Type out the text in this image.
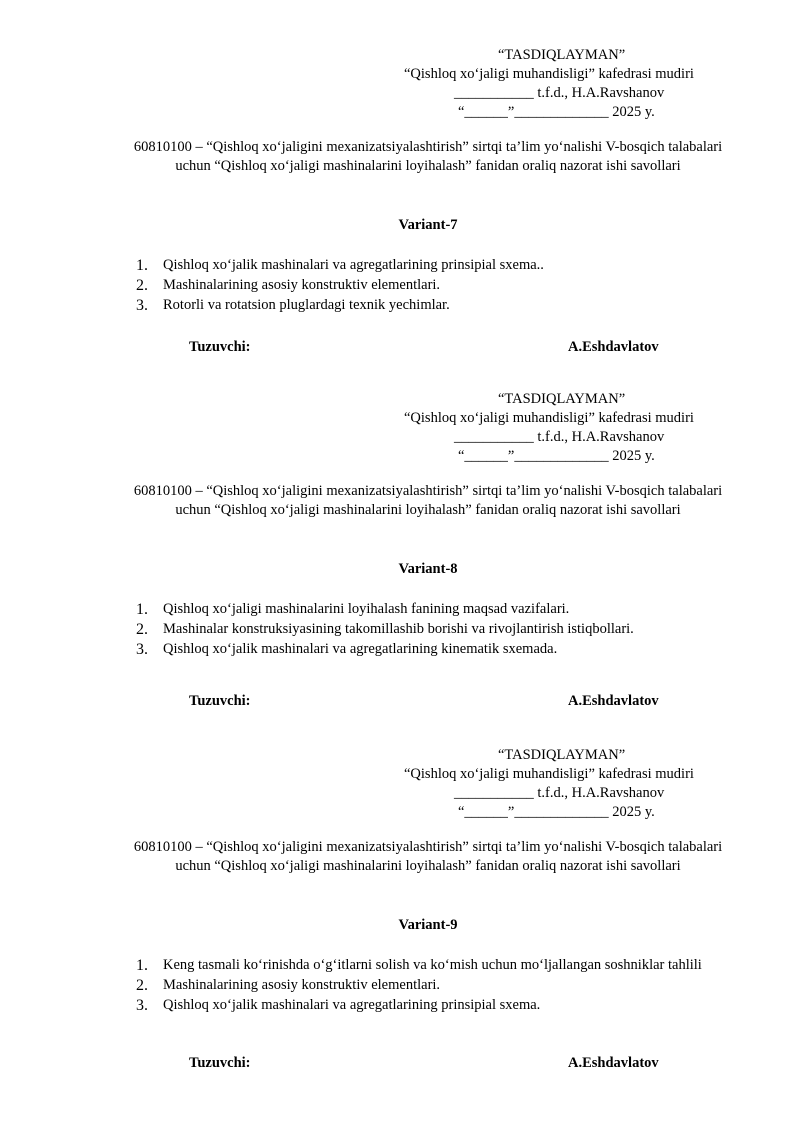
“TASDIQLAYMAN”
“Qishloq xo‘jaligi muhandisligi” kafedrasi mudiri
___________ t.f.d., H.A.Ravshanov
“______”_____________ 2025 y.
60810100 – “Qishloq xo‘jaligini mexanizatsiyalashtirish” sirtqi ta’lim yo‘nalishi V-bosqich talabalari uchun “Qishloq xo‘jaligi mashinalarini loyihalash” fanidan oraliq nazorat ishi savollari
Variant-7
1.	Qishloq xo‘jalik mashinalari va agregatlarining prinsipial sxema..
2.	Mashinalarining asosiy konstruktiv elementlari.
3.	Rotorli va rotatsion pluglardagi texnik yechimlar.
Tuzuvchi:	A.Eshdavlatov
“TASDIQLAYMAN”
“Qishloq xo‘jaligi muhandisligi” kafedrasi mudiri
___________ t.f.d., H.A.Ravshanov
“______”_____________ 2025 y.
60810100 – “Qishloq xo‘jaligini mexanizatsiyalashtirish” sirtqi ta’lim yo‘nalishi V-bosqich talabalari uchun “Qishloq xo‘jaligi mashinalarini loyihalash” fanidan oraliq nazorat ishi savollari
Variant-8
1.	Qishloq xo‘jaligi mashinalarini loyihalash fanining maqsad vazifalari.
2.	Mashinalar konstruksiyasining takomillashib borishi va rivojlantirish istiqbollari.
3.	Qishloq xo‘jalik mashinalari va agregatlarining kinematik sxemada.
Tuzuvchi:	A.Eshdavlatov
“TASDIQLAYMAN”
“Qishloq xo‘jaligi muhandisligi” kafedrasi mudiri
___________ t.f.d., H.A.Ravshanov
“______”_____________ 2025 y.
60810100 – “Qishloq xo‘jaligini mexanizatsiyalashtirish” sirtqi ta’lim yo‘nalishi V-bosqich talabalari uchun “Qishloq xo‘jaligi mashinalarini loyihalash” fanidan oraliq nazorat ishi savollari
Variant-9
1.	Keng tasmali ko‘rinishda o‘g‘itlarni solish va ko‘mish uchun mo‘ljallangan soshniklar tahlili
2.	Mashinalarining asosiy konstruktiv elementlari.
3.	Qishloq xo‘jalik mashinalari va agregatlarining prinsipial sxema.
Tuzuvchi:	A.Eshdavlatov
